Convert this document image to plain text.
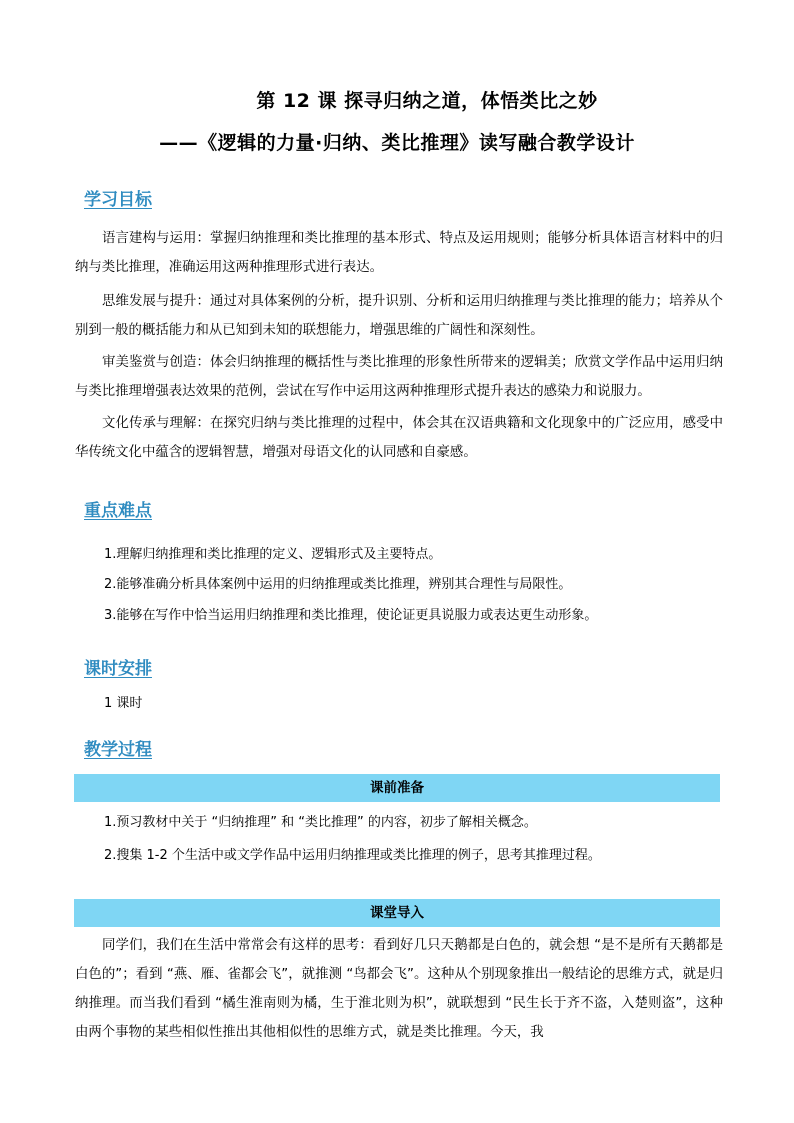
第 12 课 探寻归纳之道，体悟类比之妙
——《逻辑的力量·归纳、类比推理》读写融合教学设计
学习目标

语言建构与运用：掌握归纳推理和类比推理的基本形式、特点及运用规则；能够分析具体语言材料中的归纳与类比推理，准确运用这两种推理形式进行表达。

思维发展与提升：通过对具体案例的分析，提升识别、分析和运用归纳推理与类比推理的能力；培养从个别到一般的概括能力和从已知到未知的联想能力，增强思维的广阔性和深刻性。

审美鉴赏与创造：体会归纳推理的概括性与类比推理的形象性所带来的逻辑美；欣赏文学作品中运用归纳与类比推理增强表达效果的范例，尝试在写作中运用这两种推理形式提升表达的感染力和说服力。

文化传承与理解：在探究归纳与类比推理的过程中，体会其在汉语典籍和文化现象中的广泛应用，感受中华传统文化中蕴含的逻辑智慧，增强对母语文化的认同感和自豪感。

重点难点
1.理解归纳推理和类比推理的定义、逻辑形式及主要特点。
2.能够准确分析具体案例中运用的归纳推理或类比推理，辨别其合理性与局限性。
3.能够在写作中恰当运用归纳推理和类比推理，使论证更具说服力或表达更生动形象。
课时安排
1 课时
教学过程
课前准备
1.预习教材中关于 “归纳推理” 和 “类比推理” 的内容，初步了解相关概念。
2.搜集 1-2 个生活中或文学作品中运用归纳推理或类比推理的例子，思考其推理过程。
课堂导入

同学们，我们在生活中常常会有这样的思考：看到好几只天鹅都是白色的，就会想 “是不是所有天鹅都是白色的”；看到 “燕、雁、雀都会飞”，就推测 “鸟都会飞”。这种从个别现象推出一般结论的思维方式，就是归纳推理。而当我们看到 “橘生淮南则为橘，生于淮北则为枳”，就联想到 “民生长于齐不盗，入楚则盗”，这种由两个事物的某些相似性推出其他相似性的思维方式，就是类比推理。今天，我
